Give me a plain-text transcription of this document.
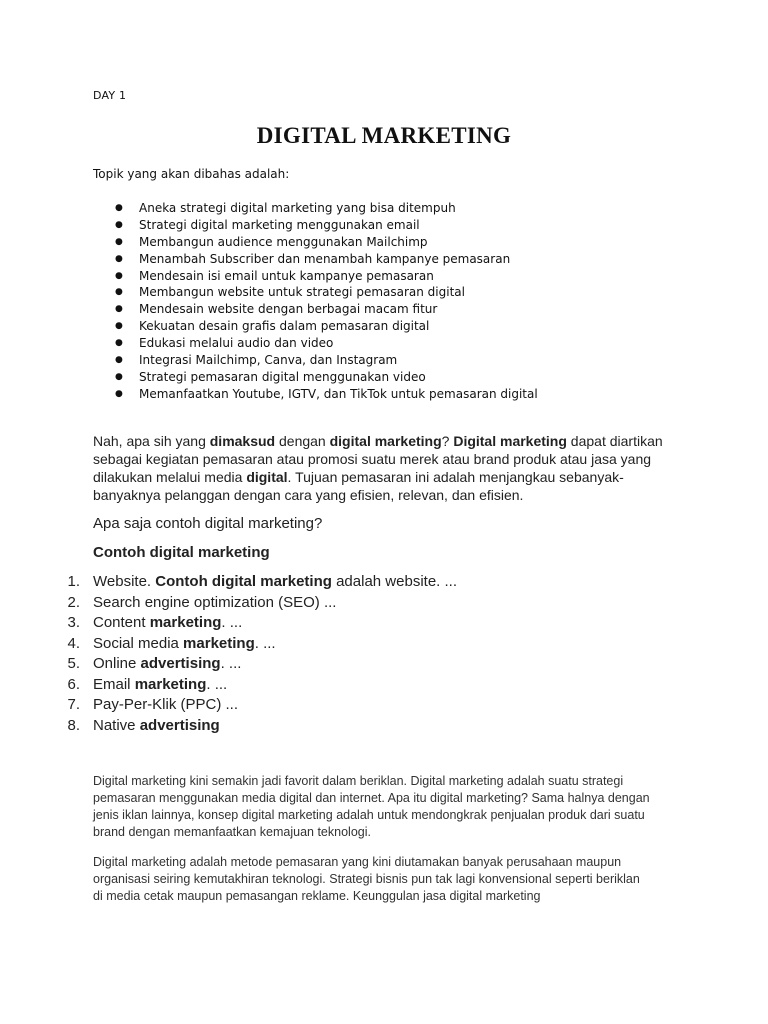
DAY 1
DIGITAL MARKETING
Topik yang akan dibahas adalah:
● Aneka strategi digital marketing yang bisa ditempuh
● Strategi digital marketing menggunakan email
● Membangun audience menggunakan Mailchimp
● Menambah Subscriber dan menambah kampanye pemasaran
● Mendesain isi email untuk kampanye pemasaran
● Membangun website untuk strategi pemasaran digital
● Mendesain website dengan berbagai macam fitur
● Kekuatan desain grafis dalam pemasaran digital
● Edukasi melalui audio dan video
● Integrasi Mailchimp, Canva, dan Instagram
● Strategi pemasaran digital menggunakan video
● Memanfaatkan Youtube, IGTV, dan TikTok untuk pemasaran digital
Nah, apa sih yang dimaksud dengan digital marketing? Digital marketing dapat diartikan sebagai kegiatan pemasaran atau promosi suatu merek atau brand produk atau jasa yang dilakukan melalui media digital. Tujuan pemasaran ini adalah menjangkau sebanyak-banyaknya pelanggan dengan cara yang efisien, relevan, dan efisien.
Apa saja contoh digital marketing?
Contoh digital marketing
1. Website. Contoh digital marketing adalah website. ...
2. Search engine optimization (SEO) ...
3. Content marketing. ...
4. Social media marketing. ...
5. Online advertising. ...
6. Email marketing. ...
7. Pay-Per-Klik (PPC) ...
8. Native advertising
Digital marketing kini semakin jadi favorit dalam beriklan. Digital marketing adalah suatu strategi pemasaran menggunakan media digital dan internet. Apa itu digital marketing? Sama halnya dengan jenis iklan lainnya, konsep digital marketing adalah untuk mendongkrak penjualan produk dari suatu brand dengan memanfaatkan kemajuan teknologi.
Digital marketing adalah metode pemasaran yang kini diutamakan banyak perusahaan maupun organisasi seiring kemutakhiran teknologi. Strategi bisnis pun tak lagi konvensional seperti beriklan di media cetak maupun pemasangan reklame. Keunggulan jasa digital marketing
